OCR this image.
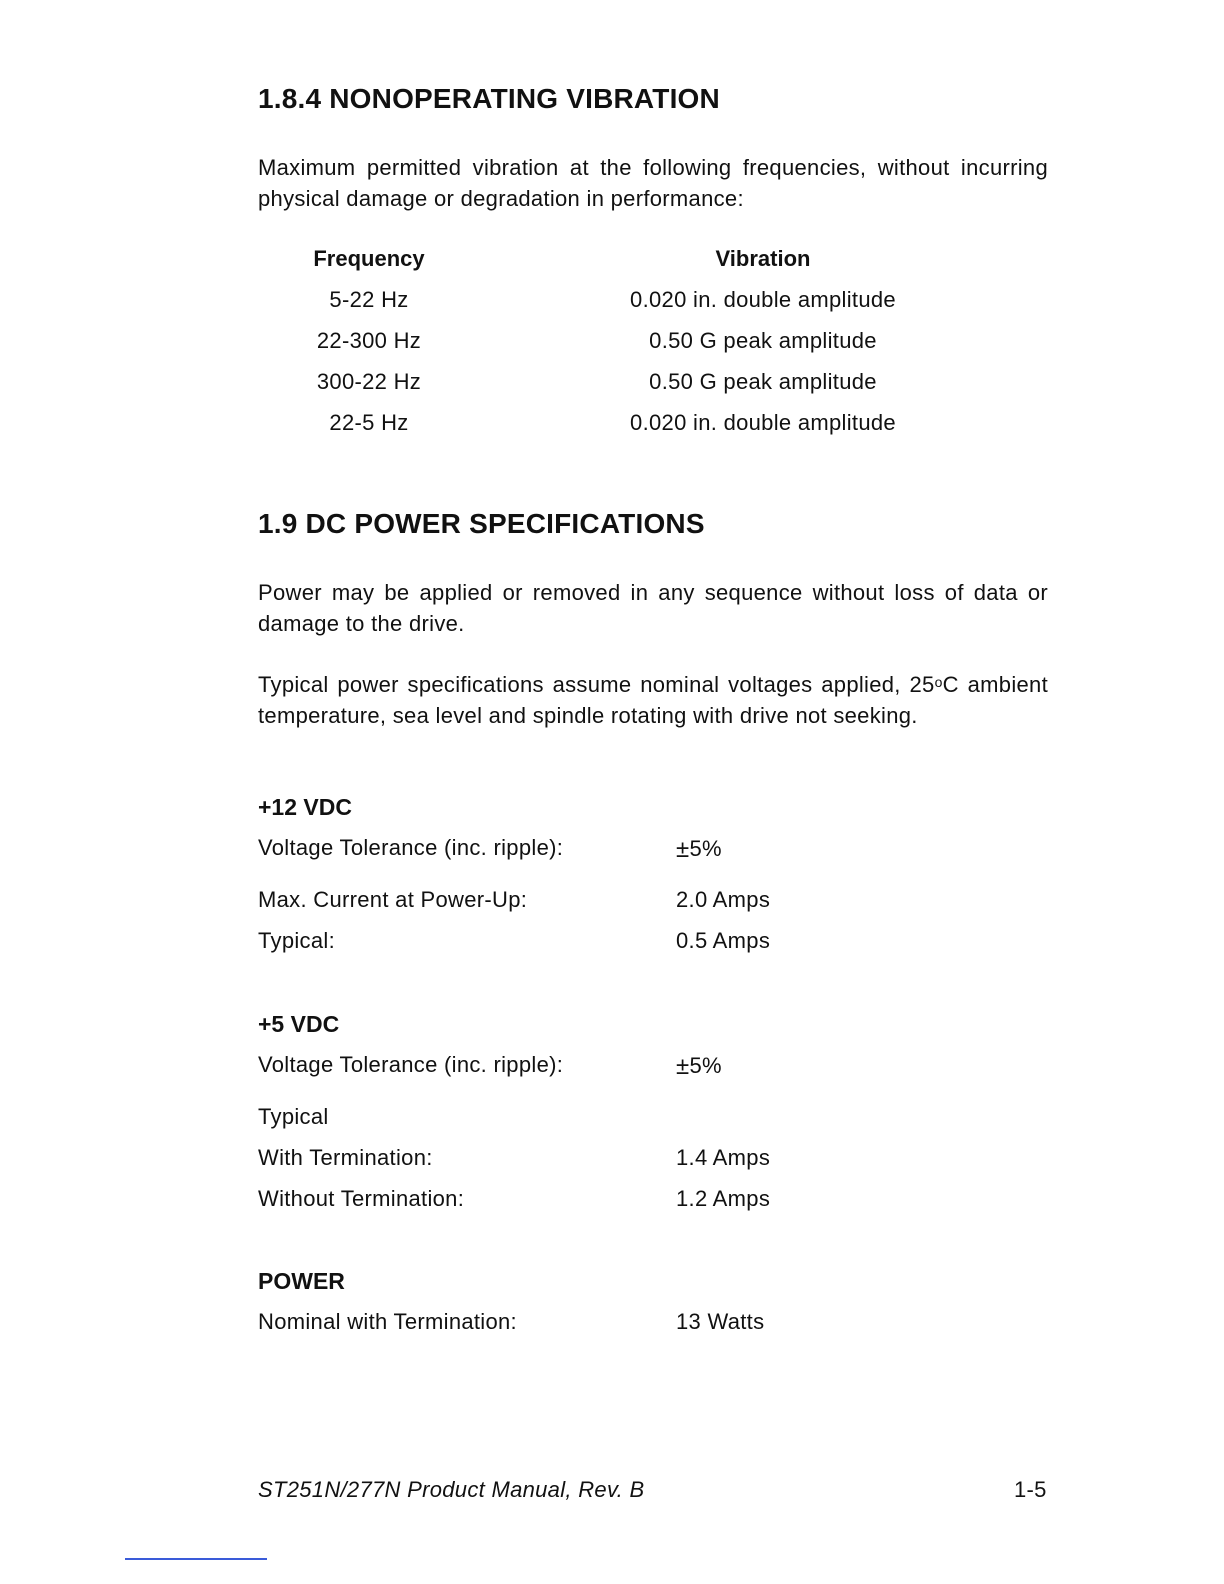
1.8.4 NONOPERATING VIBRATION

Maximum permitted vibration at the following frequencies, without incurring physical damage or degradation in performance:

Frequency	Vibration
5-22 Hz	0.020 in. double amplitude
22-300 Hz	0.50 G peak amplitude
300-22 Hz	0.50 G peak amplitude
22-5 Hz	0.020 in. double amplitude
1.9 DC POWER SPECIFICATIONS

Power may be applied or removed in any sequence without loss of data or damage to the drive.

Typical power specifications assume nominal voltages applied, 25$^o$C ambient temperature, sea level and spindle rotating with drive not seeking.

+12 VDC
Voltage Tolerance (inc. ripple):	±5%
Max. Current at Power-Up:	2.0 Amps
Typical:	0.5 Amps
+5 VDC
Voltage Tolerance (inc. ripple):	±5%
Typical
With Termination:	1.4 Amps
Without Termination:	1.2 Amps
POWER
Nominal with Termination:	13 Watts
ST251N/277N Product Manual, Rev. B	1-5
